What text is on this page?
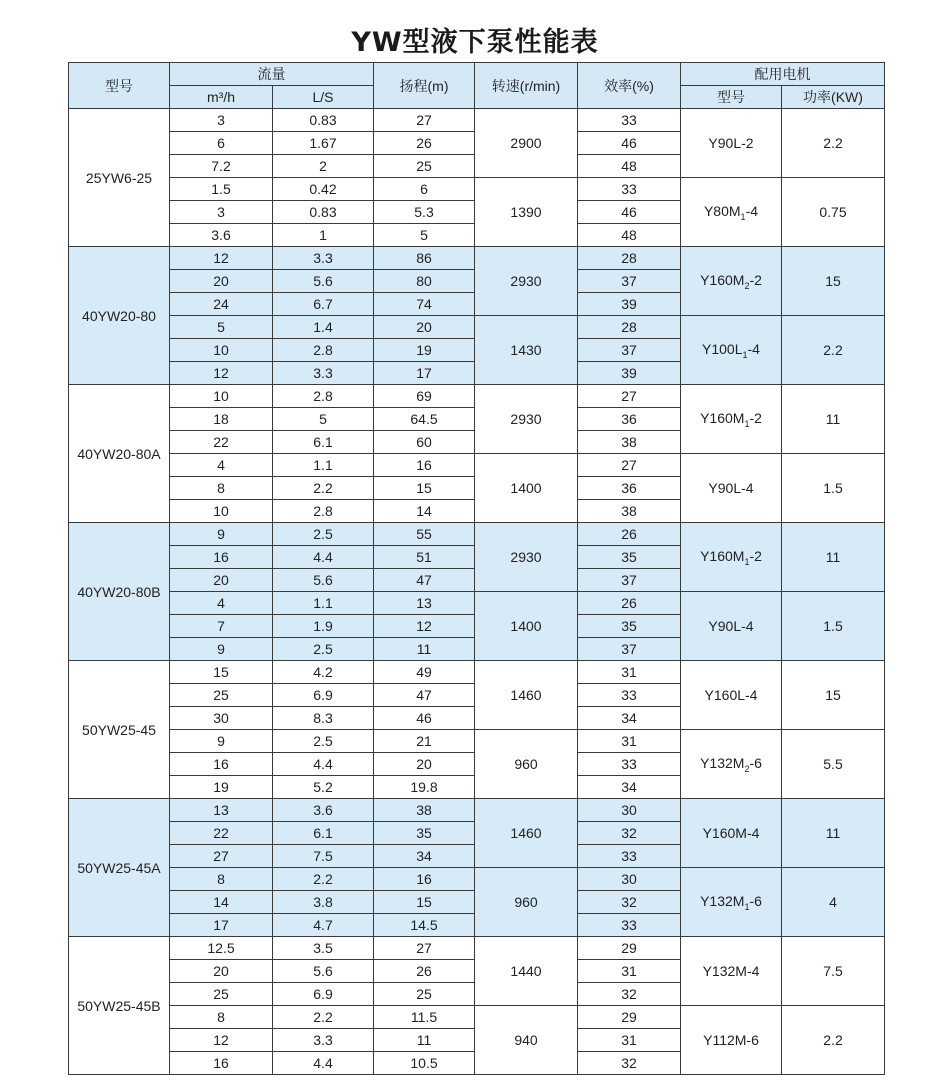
YW型液下泵性能表
型号	流量		扬程(m)	转速(r/min)	效率(%)	配用电机	
	m³/h	L/S				型号	功率(KW)
25YW6-25	3	0.83	27	2900	33	Y90L-2	2.2
	6	1.67	26		46		
	7.2	2	25		48		
	1.5	0.42	6	1390	33	$Y80M_1-4$	0.75
	3	0.83	5.3		46		
	3.6	1	5		48		
40YW20-80	12	3.3	86	2930	28	$Y160M_2-2$	15
	20	5.6	80		37		
	24	6.7	74		39		
	5	1.4	20	1430	28	$Y100L_1-4$	2.2
	10	2.8	19		37		
	12	3.3	17		39		
40YW20-80A	10	2.8	69	2930	27	$Y160M_1-2$	11
	18	5	64.5		36		
	22	6.1	60		38		
	4	1.1	16	1400	27	Y90L-4	1.5
	8	2.2	15		36		
	10	2.8	14		38		
40YW20-80B	9	2.5	55	2930	26	$Y160M_1-2$	11
	16	4.4	51		35		
	20	5.6	47		37		
	4	1.1	13	1400	26	Y90L-4	1.5
	7	1.9	12		35		
	9	2.5	11		37		
50YW25-45	15	4.2	49	1460	31	Y160L-4	15
	25	6.9	47		33		
	30	8.3	46		34		
	9	2.5	21	960	31	$Y132M_2-6$	5.5
	16	4.4	20		33		
	19	5.2	19.8		34		
50YW25-45A	13	3.6	38	1460	30	Y160M-4	11
	22	6.1	35		32		
	27	7.5	34		33		
	8	2.2	16	960	30	$Y132M_1-6$	4
	14	3.8	15		32		
	17	4.7	14.5		33		
50YW25-45B	12.5	3.5	27	1440	29	Y132M-4	7.5
	20	5.6	26		31		
	25	6.9	25		32		
	8	2.2	11.5	940	29	Y112M-6	2.2
	12	3.3	11		31		
	16	4.4	10.5		32		
